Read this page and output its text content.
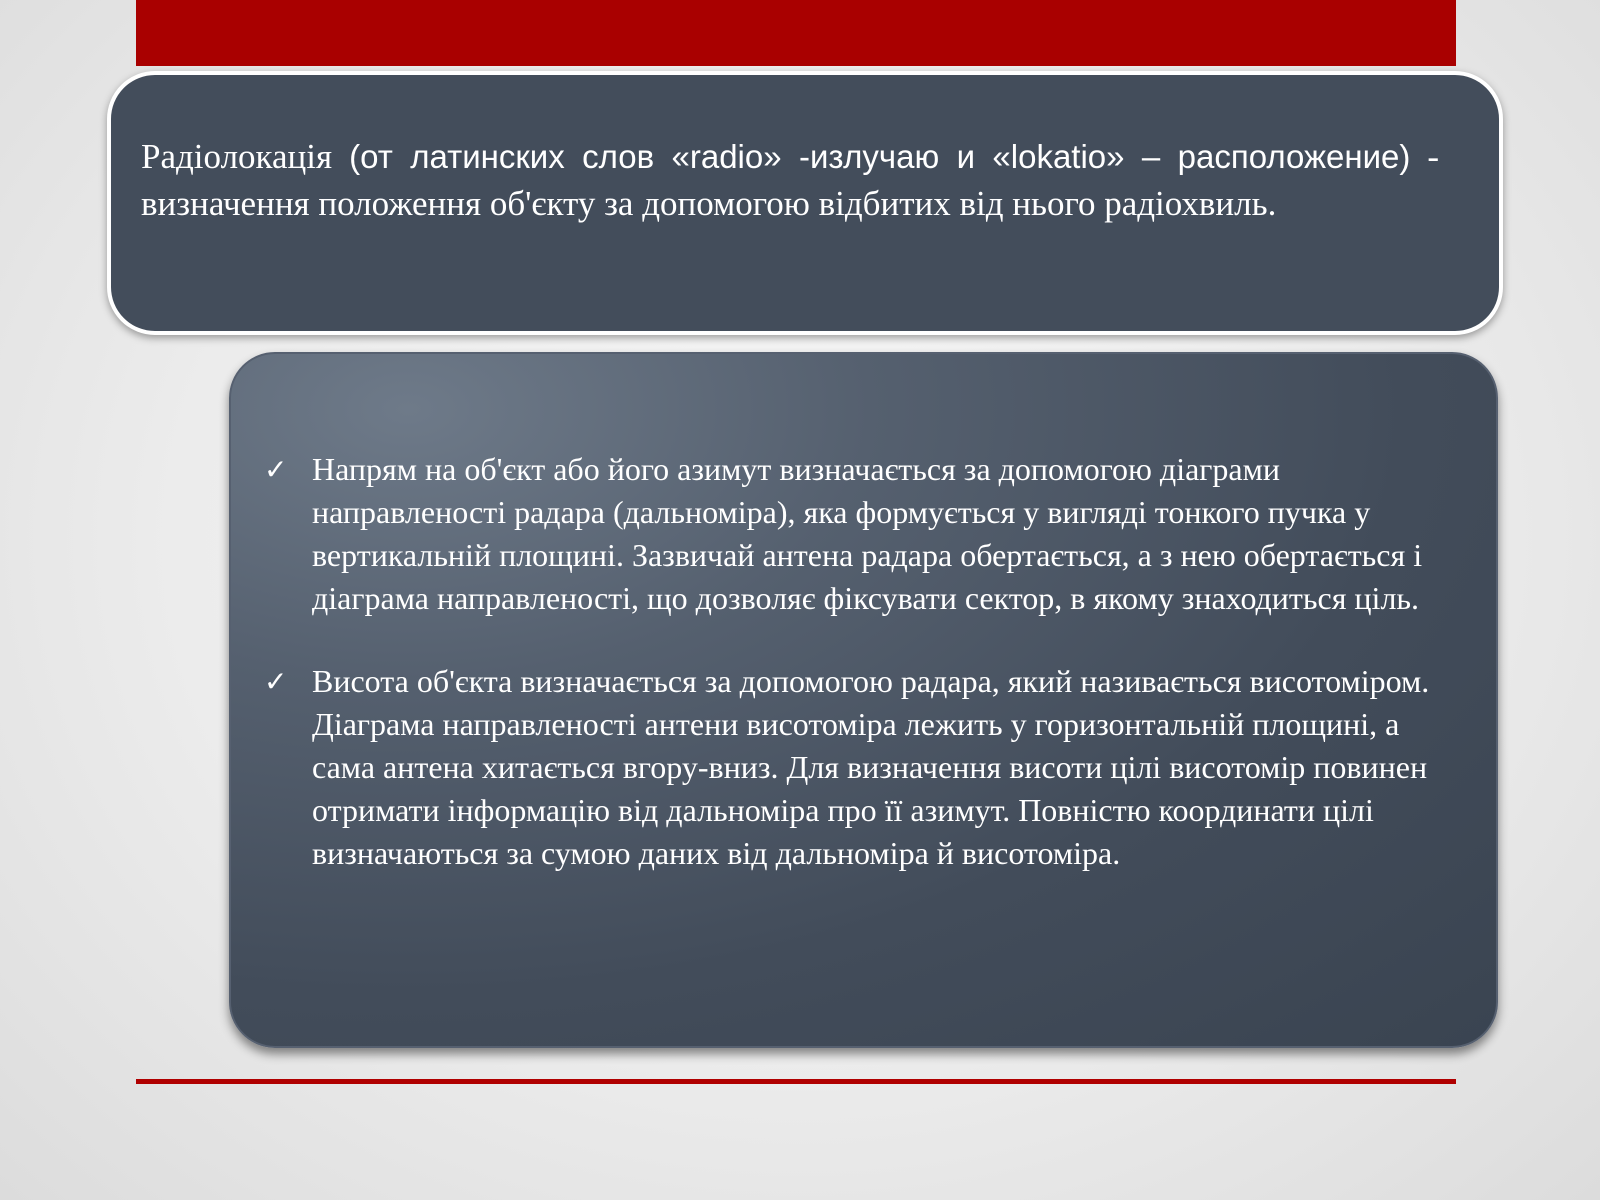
Радіолокація (от латинских слов «radio» -излучаю и «lokatio» – расположение) - визначення положення об'єкту за допомогою відбитих від нього радіохвиль.
✓ Напрям на об'єкт або його азимут визначається за допомогою діаграми направленості радара (дальноміра), яка формується у вигляді тонкого пучка у вертикальній площині. Зазвичай антена радара обертається, а з нею обертається і діаграма направленості, що дозволяє фіксувати сектор, в якому знаходиться ціль.
✓ Висота об'єкта визначається за допомогою радара, який називається висотоміром. Діаграма направленості антени висотоміра лежить у горизонтальній площині, а сама антена хитається вгору-вниз. Для визначення висоти цілі висотомір повинен отримати інформацію від дальноміра про її азимут. Повністю координати цілі визначаються за сумою даних від дальноміра й висотоміра.
